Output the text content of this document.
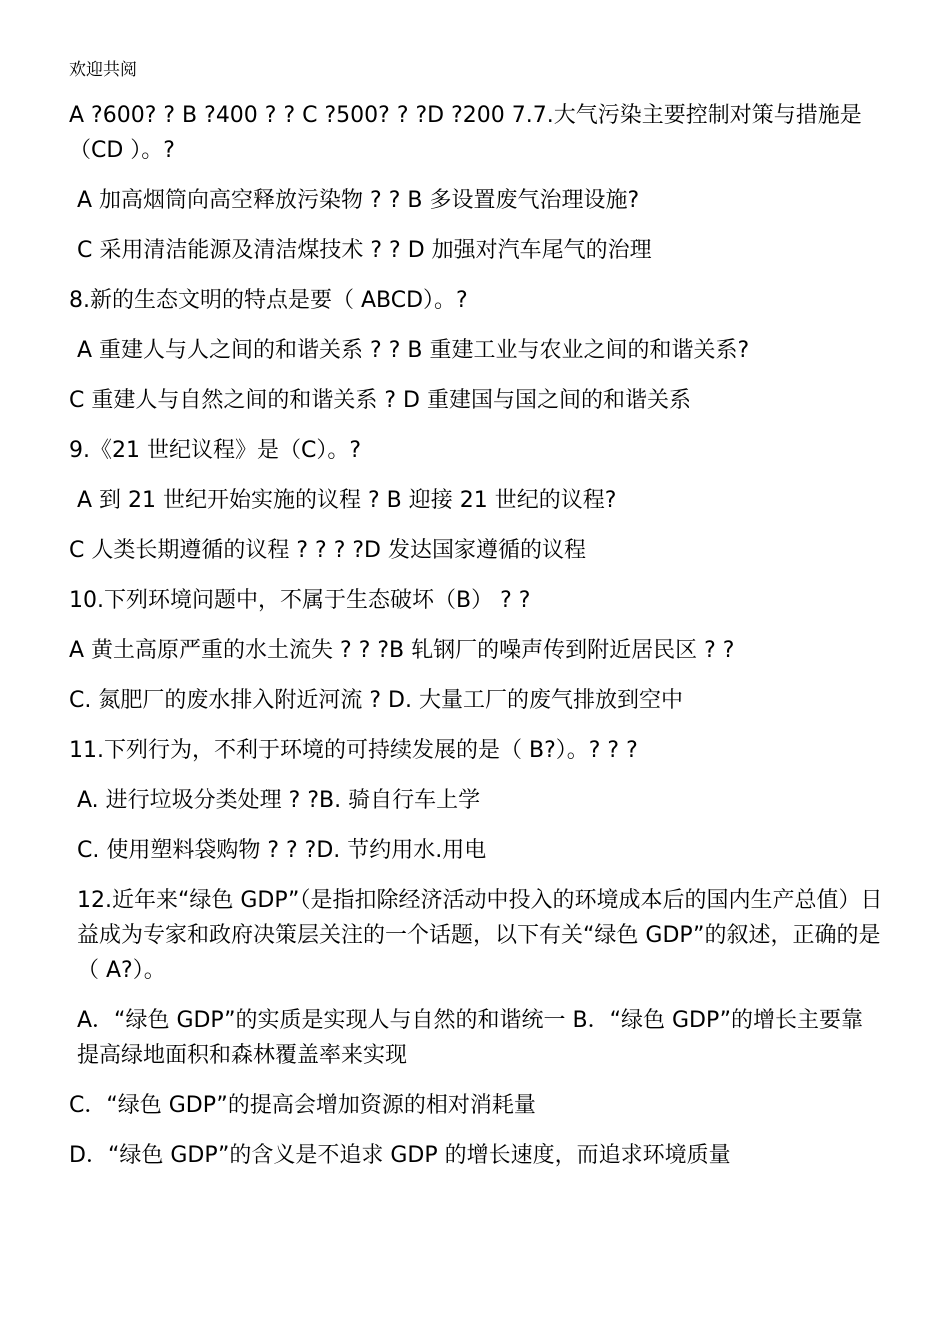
欢迎共阅

A ?600? ? B ?400 ? ? C ?500? ? ?D ?200 7.7.大气污染主要控制对策与措施是（CD ）。?

A 加高烟筒向高空释放污染物 ? ? B 多设置废气治理设施?

C 采用清洁能源及清洁煤技术 ? ? D 加强对汽车尾气的治理

8.新的生态文明的特点是要（ ABCD）。?

A 重建人与人之间的和谐关系 ? ? B 重建工业与农业之间的和谐关系?

C 重建人与自然之间的和谐关系 ? D 重建国与国之间的和谐关系

9.《21 世纪议程》是（C）。?

A 到 21 世纪开始实施的议程 ? B 迎接 21 世纪的议程?

C 人类长期遵循的议程 ? ? ? ?D 发达国家遵循的议程

10.下列环境问题中，不属于生态破坏（B） ? ?

A 黄土高原严重的水土流失 ? ? ?B 轧钢厂的噪声传到附近居民区 ? ?

C. 氮肥厂的废水排入附近河流 ? D. 大量工厂的废气排放到空中

11.下列行为，不利于环境的可持续发展的是（ B?）。? ? ?

A. 进行垃圾分类处理 ? ?B. 骑自行车上学

C. 使用塑料袋购物 ? ? ?D. 节约用水.用电

12.近年来“绿色 GDP”（是指扣除经济活动中投入的环境成本后的国内生产总值）日益成为专家和政府决策层关注的一个话题，以下有关“绿色 GDP”的叙述，正确的是（ A?）。

A．“绿色 GDP”的实质是实现人与自然的和谐统一 B．“绿色 GDP”的增长主要靠提高绿地面积和森林覆盖率来实现

C．“绿色 GDP”的提高会增加资源的相对消耗量

D．“绿色 GDP”的含义是不追求 GDP 的增长速度，而追求环境质量
